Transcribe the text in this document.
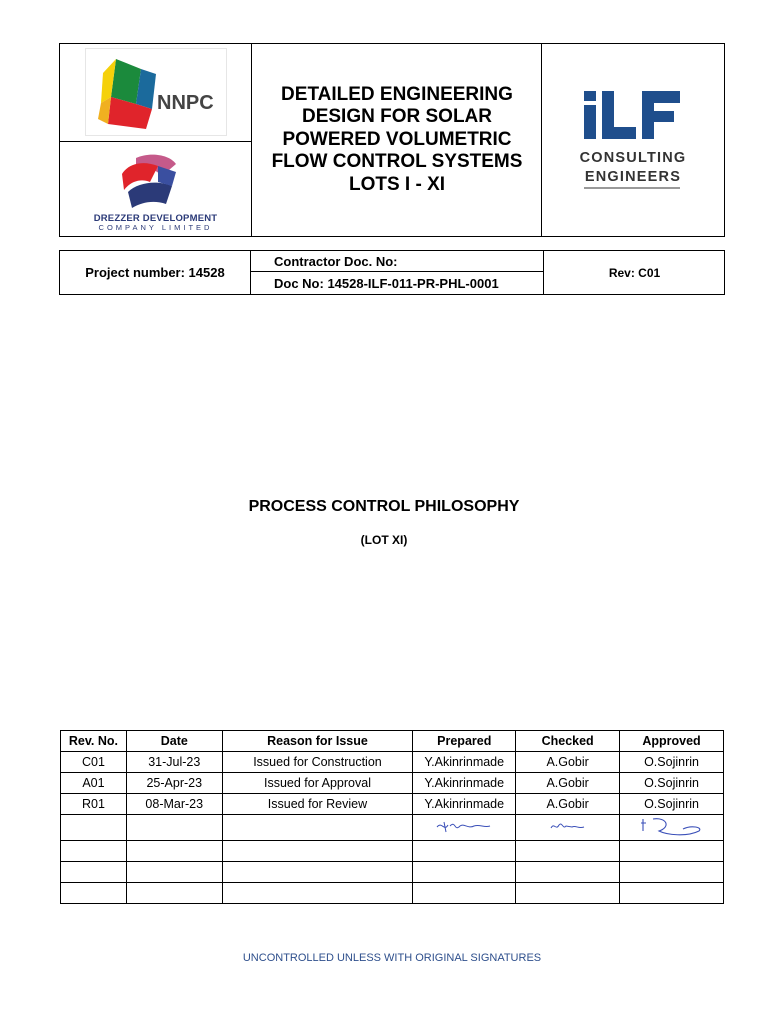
NNPC
DREZZER DEVELOPMENT
COMPANY LIMITED
DETAILED ENGINEERING
DESIGN FOR SOLAR
POWERED VOLUMETRIC
FLOW CONTROL SYSTEMS
LOTS I - XI
CONSULTING
ENGINEERS
Project number: 14528
Contractor Doc. No:
Doc No: 14528-ILF-011-PR-PHL-0001
Rev: C01
PROCESS CONTROL PHILOSOPHY
(LOT XI)
Rev. No.	Date	Reason for Issue	Prepared	Checked	Approved
C01	31-Jul-23	Issued for Construction	Y.Akinrinmade	A.Gobir	O.Sojinrin
A01	25-Apr-23	Issued for Approval	Y.Akinrinmade	A.Gobir	O.Sojinrin
R01	08-Mar-23	Issued for Review	Y.Akinrinmade	A.Gobir	O.Sojinrin

UNCONTROLLED UNLESS WITH ORIGINAL SIGNATURES
